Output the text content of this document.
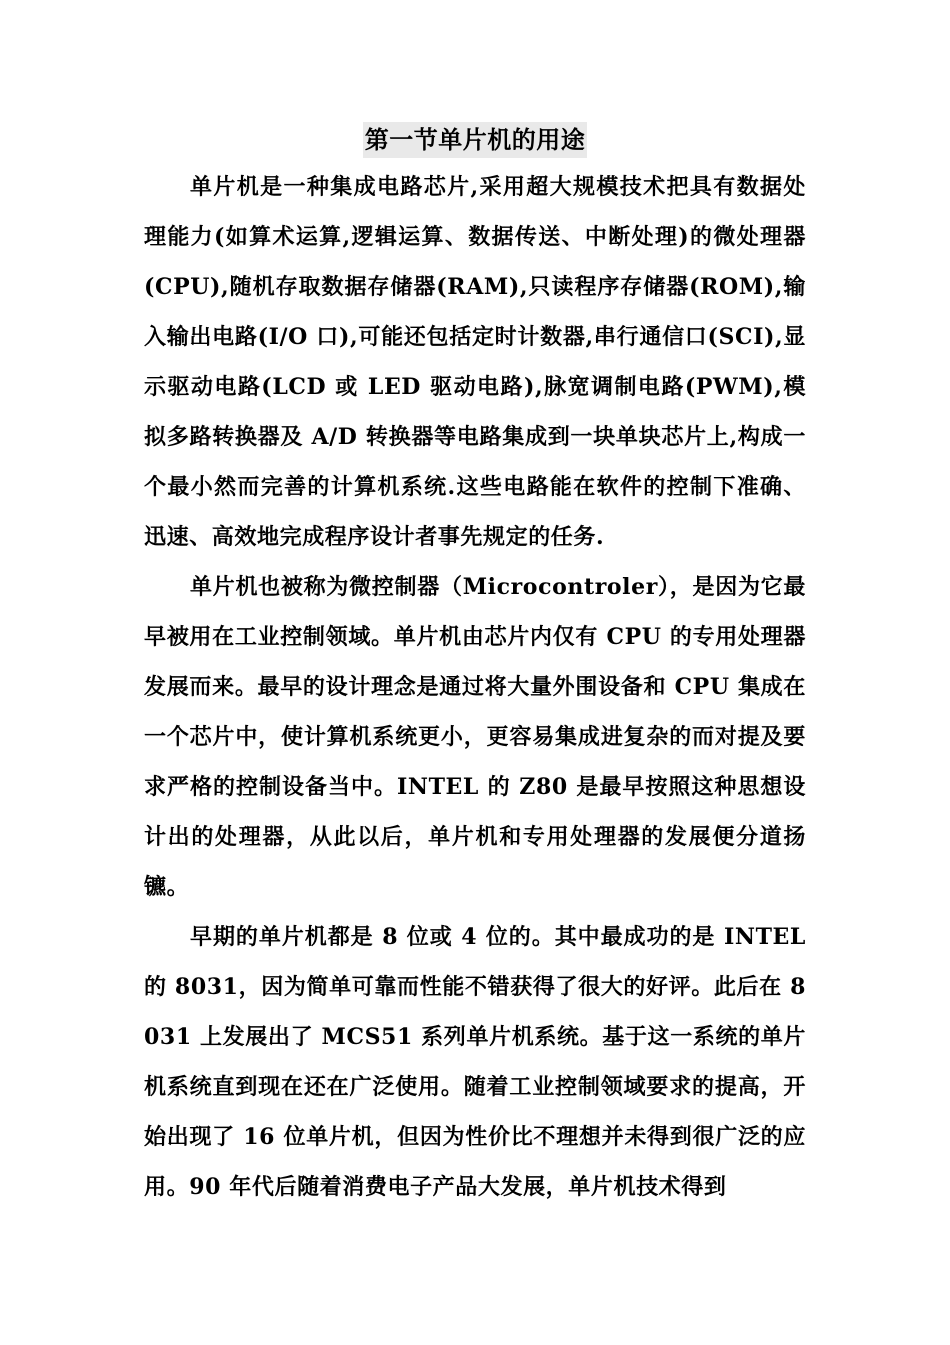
第一节单片机的用途

单片机是一种集成电路芯片,采用超大规模技术把具有数据处理能力(如算术运算,逻辑运算、数据传送、中断处理)的微处理器(CPU),随机存取数据存储器(RAM),只读程序存储器(ROM),输入输出电路(I/O 口),可能还包括定时计数器,串行通信口(SCI),显示驱动电路(LCD 或 LED 驱动电路),脉宽调制电路(PWM),模拟多路转换器及 A/D 转换器等电路集成到一块单块芯片上,构成一个最小然而完善的计算机系统.这些电路能在软件的控制下准确、迅速、高效地完成程序设计者事先规定的任务.

单片机也被称为微控制器（Microcontroler），是因为它最早被用在工业控制领域。单片机由芯片内仅有 CPU 的专用处理器发展而来。最早的设计理念是通过将大量外围设备和 CPU 集成在一个芯片中，使计算机系统更小，更容易集成进复杂的而对提及要求严格的控制设备当中。INTEL 的 Z80 是最早按照这种思想设计出的处理器，从此以后，单片机和专用处理器的发展便分道扬镳。

早期的单片机都是 8 位或 4 位的。其中最成功的是 INTEL 的 8031，因为简单可靠而性能不错获得了很大的好评。此后在 8031 上发展出了 MCS51 系列单片机系统。基于这一系统的单片机系统直到现在还在广泛使用。随着工业控制领域要求的提高，开始出现了 16 位单片机，但因为性价比不理想并未得到很广泛的应用。90 年代后随着消费电子产品大发展，单片机技术得到
